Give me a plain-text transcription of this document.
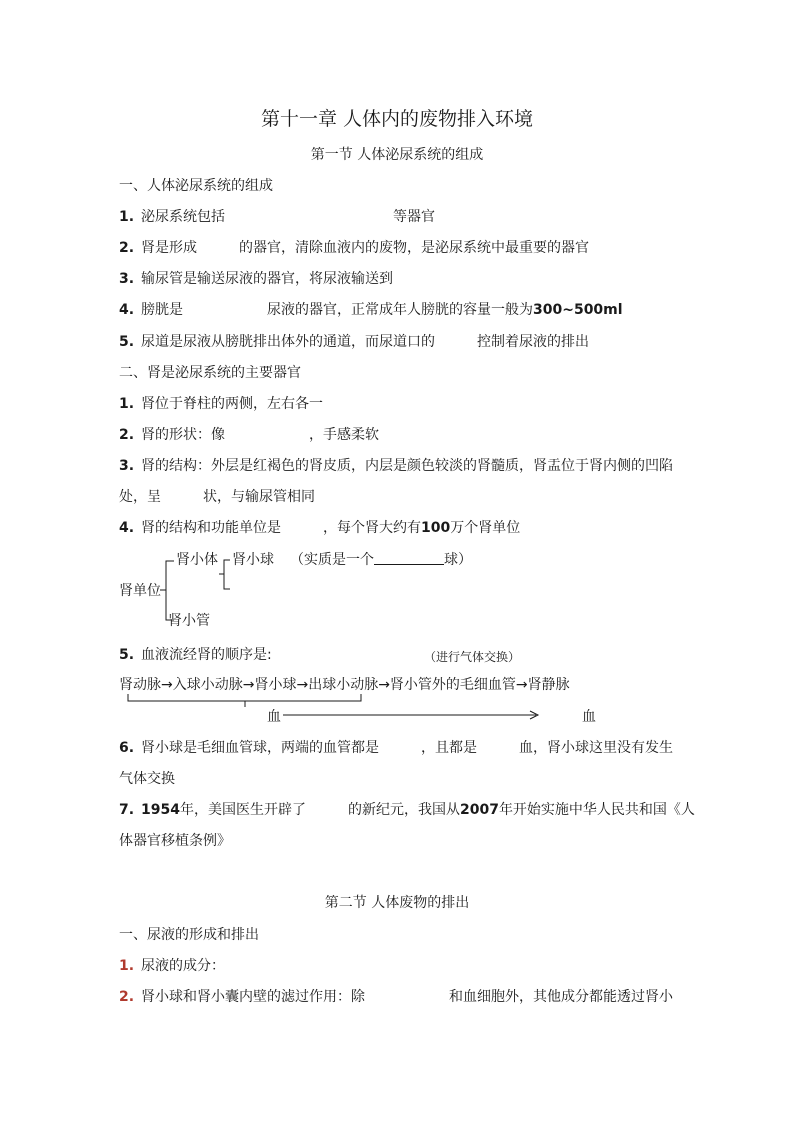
第十一章 人体内的废物排入环境
第一节 人体泌尿系统的组成
一、人体泌尿系统的组成
1. 泌尿系统包括	等器官
2. 肾是形成	的器官，清除血液内的废物，是泌尿系统中最重要的器官
3. 输尿管是输送尿液的器官，将尿液输送到
4. 膀胱是	尿液的器官，正常成年人膀胱的容量一般为300~500ml
5. 尿道是尿液从膀胱排出体外的通道，而尿道口的	控制着尿液的排出
二、肾是泌尿系统的主要器官
1. 肾位于脊柱的两侧，左右各一
2. 肾的形状：像	，手感柔软
3. 肾的结构：外层是红褐色的肾皮质，内层是颜色较淡的肾髓质，肾盂位于肾内侧的凹陷
处，呈	状，与输尿管相同
4. 肾的结构和功能单位是	，每个肾大约有100万个肾单位
肾小体 肾小球 （实质是一个	球）
肾单位
肾小管
5. 血液流经肾的顺序是:	（进行气体交换）
肾动脉→入球小动脉→肾小球→出球小动脉→肾小管外的毛细血管→肾静脉
血	血
6. 肾小球是毛细血管球，两端的血管都是	，且都是	血，肾小球这里没有发生
气体交换
7. 1954年，美国医生开辟了	的新纪元，我国从2007年开始实施中华人民共和国《人
体器官移植条例》
第二节 人体废物的排出
一、尿液的形成和排出
1. 尿液的成分：
2. 肾小球和肾小囊内壁的滤过作用：除	和血细胞外，其他成分都能透过肾小
